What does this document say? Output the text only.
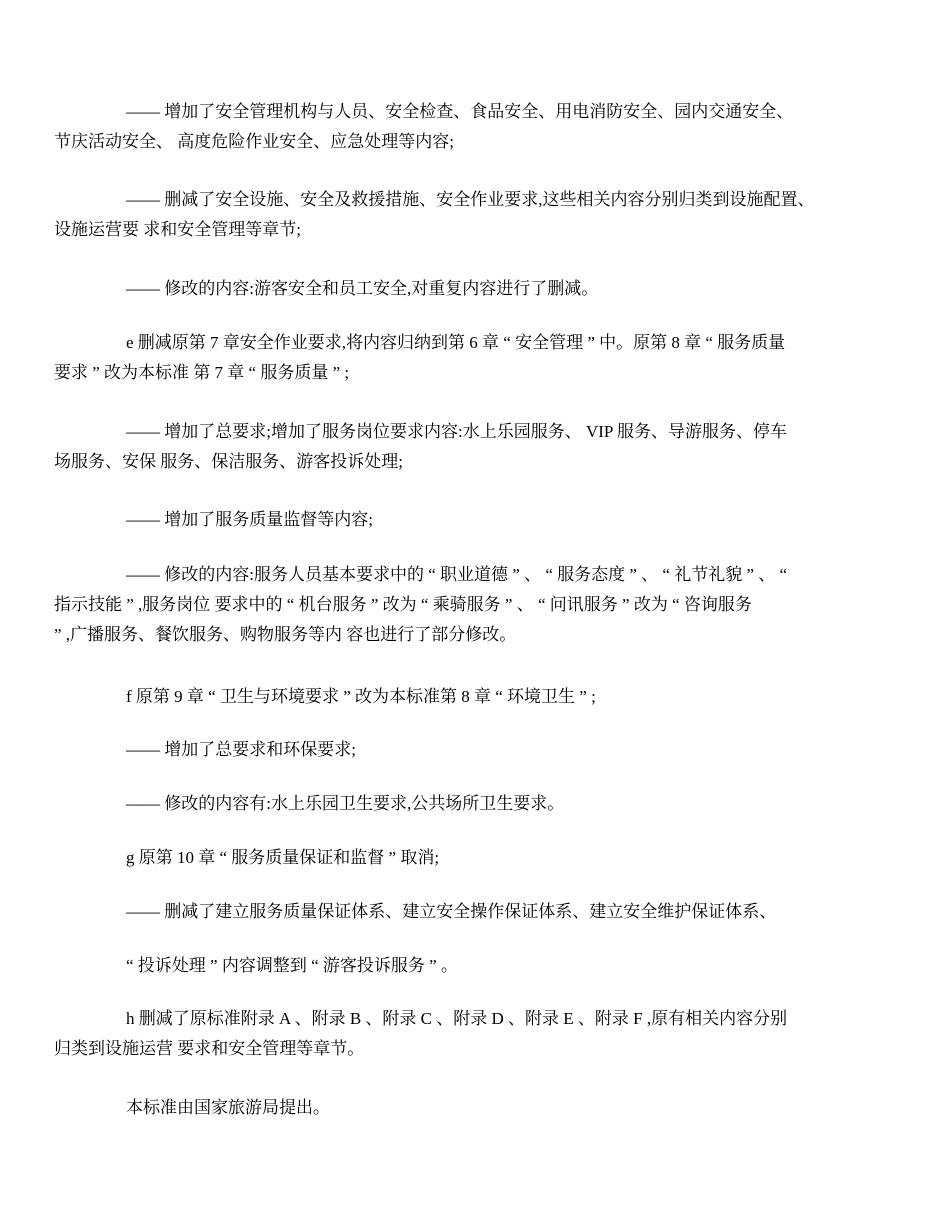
—— 增加了安全管理机构与人员、安全检查、食品安全、用电消防安全、园内交通安全、
节庆活动安全、 高度危险作业安全、应急处理等内容;
—— 删减了安全设施、安全及救援措施、安全作业要求,这些相关内容分别归类到设施配置、
设施运营要 求和安全管理等章节;
—— 修改的内容:游客安全和员工安全,对重复内容进行了删减。
e 删减原第 7 章安全作业要求,将内容归纳到第 6 章 “ 安全管理 ” 中。原第 8 章 “ 服务质量
要求 ” 改为本标准 第 7 章 “ 服务质量 ” ;
—— 增加了总要求;增加了服务岗位要求内容:水上乐园服务、 VIP 服务、导游服务、停车
场服务、安保 服务、保洁服务、游客投诉处理;
—— 增加了服务质量监督等内容;
—— 修改的内容:服务人员基本要求中的 “ 职业道德 ” 、 “ 服务态度 ” 、 “ 礼节礼貌 ” 、 “
指示技能 ” ,服务岗位 要求中的 “ 机台服务 ” 改为 “ 乘骑服务 ” 、 “ 问讯服务 ” 改为 “ 咨询服务
” ,广播服务、餐饮服务、购物服务等内 容也进行了部分修改。
f 原第 9 章 “ 卫生与环境要求 ” 改为本标准第 8 章 “ 环境卫生 ” ;
—— 增加了总要求和环保要求;
—— 修改的内容有:水上乐园卫生要求,公共场所卫生要求。
g 原第 10 章 “ 服务质量保证和监督 ” 取消;
—— 删减了建立服务质量保证体系、建立安全操作保证体系、建立安全维护保证体系、
“ 投诉处理 ” 内容调整到 “ 游客投诉服务 ” 。
h 删减了原标准附录 A 、附录 B 、附录 C 、附录 D 、附录 E 、附录 F ,原有相关内容分别
归类到设施运营 要求和安全管理等章节。
本标准由国家旅游局提出。
